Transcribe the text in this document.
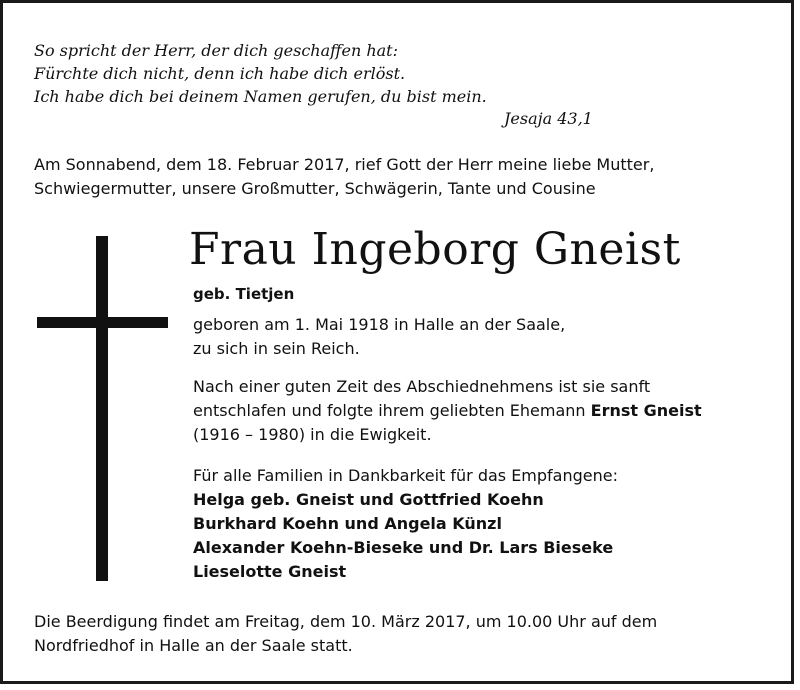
So spricht der Herr, der dich geschaffen hat:
Fürchte dich nicht, denn ich habe dich erlöst.
Ich habe dich bei deinem Namen gerufen, du bist mein.
Jesaja 43,1
Am Sonnabend, dem 18. Februar 2017, rief Gott der Herr meine liebe Mutter,
Schwiegermutter, unsere Großmutter, Schwägerin, Tante und Cousine
Frau Ingeborg Gneist
geb. Tietjen
geboren am 1. Mai 1918 in Halle an der Saale,
zu sich in sein Reich.
Nach einer guten Zeit des Abschiednehmens ist sie sanft
entschlafen und folgte ihrem geliebten Ehemann Ernst Gneist
(1916 – 1980) in die Ewigkeit.
Für alle Familien in Dankbarkeit für das Empfangene:
Helga geb. Gneist und Gottfried Koehn
Burkhard Koehn und Angela Künzl
Alexander Koehn-Bieseke und Dr. Lars Bieseke
Lieselotte Gneist
Die Beerdigung findet am Freitag, dem 10. März 2017, um 10.00 Uhr auf dem
Nordfriedhof in Halle an der Saale statt.
